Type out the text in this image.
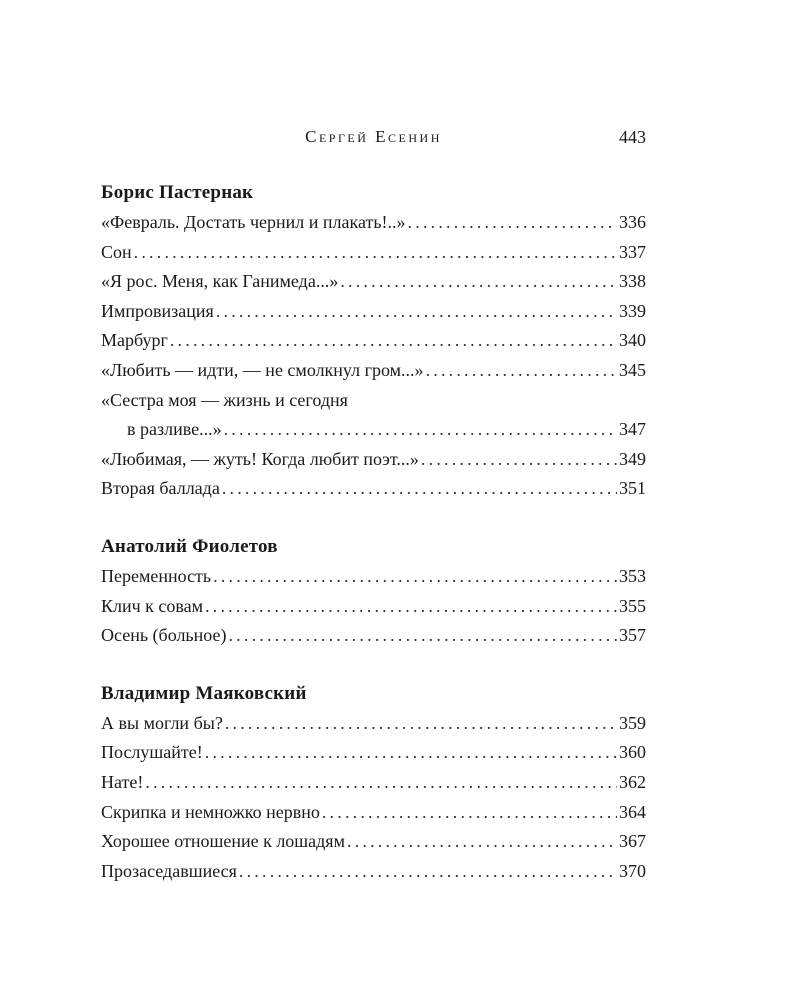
Сергей Есенин	443
Борис Пастернак
«Февраль. Достать чернил и плакать!..» .....	336
Сон .....	337
«Я рос. Меня, как Ганимеда...» .....	338
Импровизация .....	339
Марбург .....	340
«Любить — идти, — не смолкнул гром...» .....	345
«Сестра моя — жизнь и сегодня
в разливе...» .....	347
«Любимая, — жуть! Когда любит поэт...» .....	349
Вторая баллада .....	351
Анатолий Фиолетов
Переменность .....	353
Клич к совам .....	355
Осень (больное) .....	357
Владимир Маяковский
А вы могли бы? .....	359
Послушайте! .....	360
Нате! .....	362
Скрипка и немножко нервно .....	364
Хорошее отношение к лошадям .....	367
Прозаседавшиеся .....	370
